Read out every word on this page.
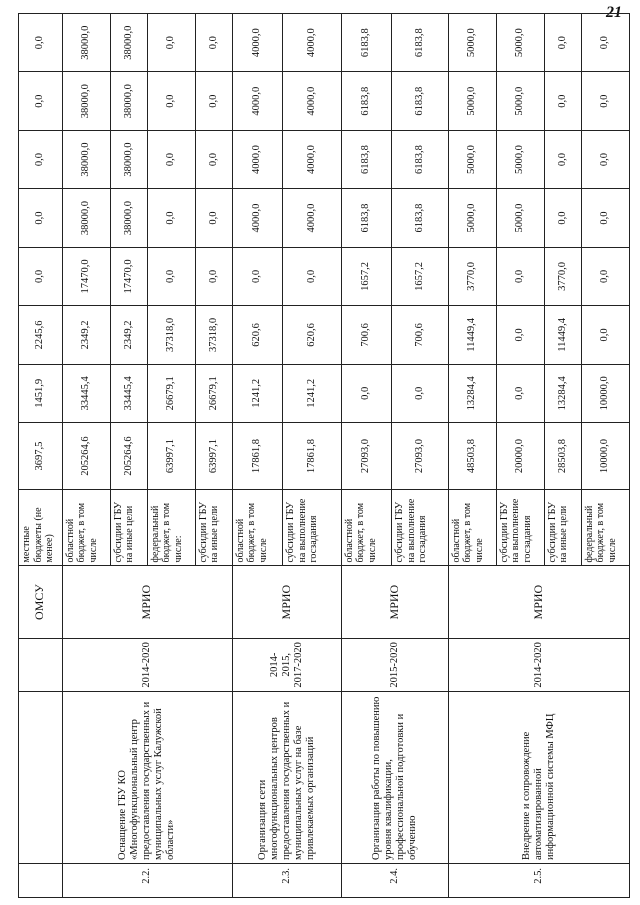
21
			ОМСУ	местные бюджеты (не менее)	3697,5	1451,9	2245,6	0,0	0,0	0,0	0,0	0,0
2.2.	Оснащение ГБУ КО «Многофункциональный центр предоставления государственных и муниципальных услуг Калужской области»	2014-2020	МРИО	областной бюджет, в том числе	205264,6	33445,4	2349,2	17470,0	38000,0	38000,0	38000,0	38000,0
				субсидии ГБУ на иные цели	205264,6	33445,4	2349,2	17470,0	38000,0	38000,0	38000,0	38000,0
				федеральный бюджет, в том числе:	63997,1	26679,1	37318,0	0,0	0,0	0,0	0,0	0,0
				субсидии ГБУ на иные цели	63997,1	26679,1	37318,0	0,0	0,0	0,0	0,0	0,0
2.3.	Организация сети многофункциональных центров предоставления государственных и муниципальных услуг на базе привлекаемых организаций	2014-2015, 2017-2020	МРИО	областной бюджет, в том числе	17861,8	1241,2	620,6	0,0	4000,0	4000,0	4000,0	4000,0
				субсидии ГБУ на выполнение госзадания	17861,8	1241,2	620,6	0,0	4000,0	4000,0	4000,0	4000,0
2.4.	Организация работы по повышению уровня квалификации, профессиональной подготовки и обучению	2015-2020	МРИО	областной бюджет, в том числе	27093,0	0,0	700,6	1657,2	6183,8	6183,8	6183,8	6183,8
				субсидии ГБУ на выполнение госзадания	27093,0	0,0	700,6	1657,2	6183,8	6183,8	6183,8	6183,8
2.5.	Внедрение и сопровождение автоматизированной информационной системы МФЦ	2014-2020	МРИО	областной бюджет, в том числе	48503,8	13284,4	11449,4	3770,0	5000,0	5000,0	5000,0	5000,0
				субсидии ГБУ на выполнение госзадания	20000,0	0,0	0,0	0,0	5000,0	5000,0	5000,0	5000,0
				субсидии ГБУ на иные цели	28503,8	13284,4	11449,4	3770,0	0,0	0,0	0,0	0,0
				федеральный бюджет, в том числе	10000,0	10000,0	0,0	0,0	0,0	0,0	0,0	0,0
